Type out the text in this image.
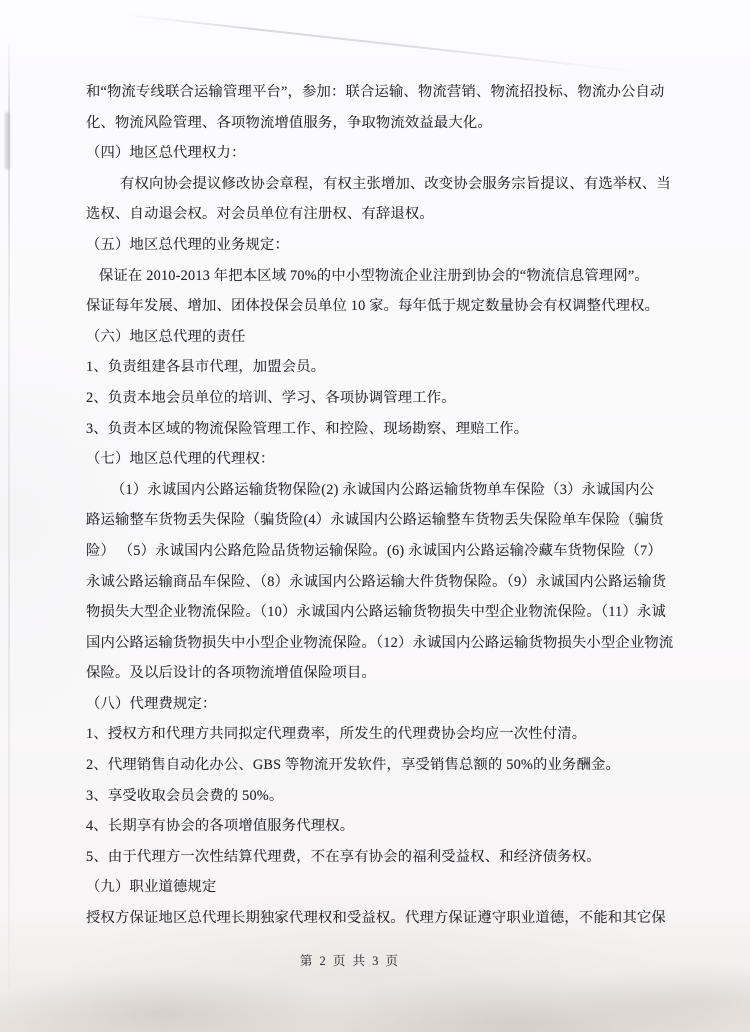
和“物流专线联合运输管理平台”，参加：联合运输、物流营销、物流招投标、物流办公自动
化、物流风险管理、各项物流增值服务，争取物流效益最大化。
（四）地区总代理权力：
有权向协会提议修改协会章程，有权主张增加、改变协会服务宗旨提议、有选举权、当
选权、自动退会权。对会员单位有注册权、有辞退权。
（五）地区总代理的业务规定：
保证在 2010-2013 年把本区域 70%的中小型物流企业注册到协会的“物流信息管理网”。
保证每年发展、增加、团体投保会员单位 10 家。每年低于规定数量协会有权调整代理权。
（六）地区总代理的责任
1、负责组建各县市代理，加盟会员。
2、负责本地会员单位的培训、学习、各项协调管理工作。
3、负责本区域的物流保险管理工作、和控险、现场勘察、理赔工作。
（七）地区总代理的代理权：
（1）永诚国内公路运输货物保险(2) 永诚国内公路运输货物单车保险（3）永诚国内公
路运输整车货物丢失保险（骗货险(4）永诚国内公路运输整车货物丢失保险单车保险（骗货
险） （5）永诚国内公路危险品货物运输保险。(6) 永诚国内公路运输冷藏车货物保险（7）
永诚公路运输商品车保险、（8）永诚国内公路运输大件货物保险。（9）永诚国内公路运输货
物损失大型企业物流保险。（10）永诚国内公路运输货物损失中型企业物流保险。（11）永诚
国内公路运输货物损失中小型企业物流保险。（12）永诚国内公路运输货物损失小型企业物流
保险。及以后设计的各项物流增值保险项目。
（八）代理费规定：
1、授权方和代理方共同拟定代理费率，所发生的代理费协会均应一次性付清。
2、代理销售自动化办公、GBS 等物流开发软件，享受销售总额的 50%的业务酬金。
3、享受收取会员会费的 50%。
4、长期享有协会的各项增值服务代理权。
5、由于代理方一次性结算代理费，不在享有协会的福利受益权、和经济债务权。
（九）职业道德规定
授权方保证地区总代理长期独家代理权和受益权。代理方保证遵守职业道德，不能和其它保
第 2 页 共 3 页
